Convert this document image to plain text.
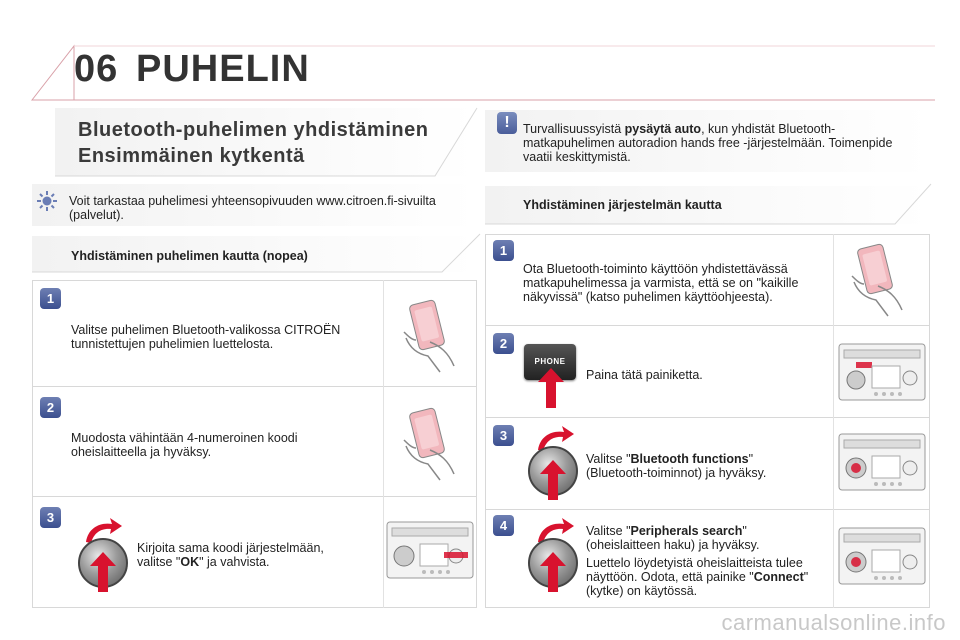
06 PUHELIN
Bluetooth-puhelimen yhdistäminen
Ensimmäinen kytkentä
!	Turvallisuussyistä pysäytä auto, kun yhdistät Bluetooth-
matkapuhelimen autoradion hands free -järjestelmään. Toimenpide
vaatii keskittymistä.
Voit tarkastaa puhelimesi yhteensopivuuden www.citroen.fi-sivuilta
(palvelut).
Yhdistäminen puhelimen kautta (nopea)
1
Valitse puhelimen Bluetooth-valikossa CITROËN
tunnistettujen puhelimien luettelosta.
2
Muodosta vähintään 4-numeroinen koodi
oheislaitteella ja hyväksy.
3
Kirjoita sama koodi järjestelmään,
valitse "OK" ja vahvista.
Yhdistäminen järjestelmän kautta
1
Ota Bluetooth-toiminto käyttöön yhdistettävässä
matkapuhelimessa ja varmista, että se on "kaikille
näkyvissä" (katso puhelimen käyttöohjeesta).
2
PHONE
Paina tätä painiketta.
3
Valitse "Bluetooth functions"
(Bluetooth-toiminnot) ja hyväksy.
4	Valitse "Peripherals search"
(oheislaitteen haku) ja hyväksy.
Luettelo löydetyistä oheislaitteista tulee
näyttöön. Odota, että painike "Connect"
(kytke) on käytössä.
carmanualsonline.info
